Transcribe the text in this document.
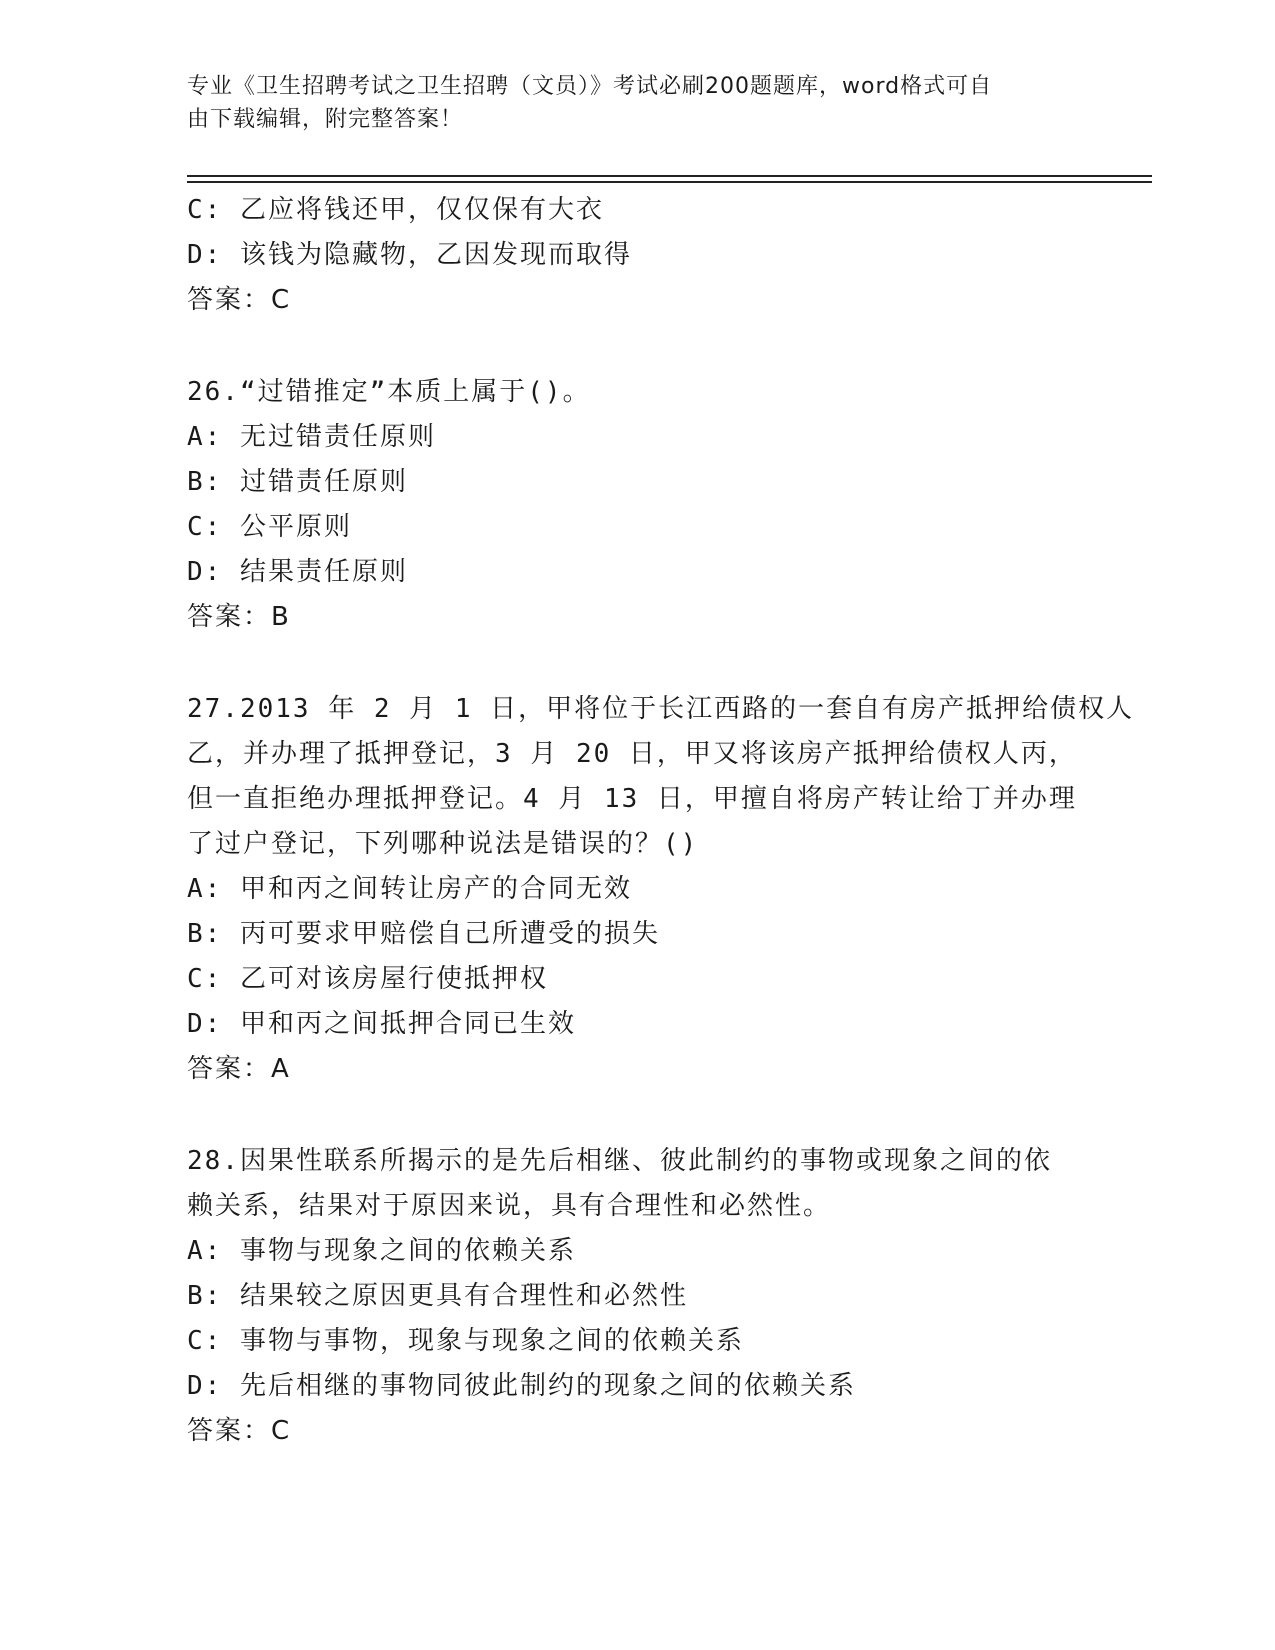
专业《卫生招聘考试之卫生招聘（文员）》考试必刷200题题库，word格式可自
由下载编辑，附完整答案！
C: 乙应将钱还甲，仅仅保有大衣
D: 该钱为隐藏物，乙因发现而取得
答案：C
26.“过错推定”本质上属于()。
A: 无过错责任原则
B: 过错责任原则
C: 公平原则
D: 结果责任原则
答案：B
27.2013 年 2 月 1 日，甲将位于长江西路的一套自有房产抵押给债权人
乙，并办理了抵押登记，3 月 20 日，甲又将该房产抵押给债权人丙，
但一直拒绝办理抵押登记。4 月 13 日，甲擅自将房产转让给丁并办理
了过户登记，下列哪种说法是错误的？()
A: 甲和丙之间转让房产的合同无效
B: 丙可要求甲赔偿自己所遭受的损失
C: 乙可对该房屋行使抵押权
D: 甲和丙之间抵押合同已生效
答案：A
28.因果性联系所揭示的是先后相继、彼此制约的事物或现象之间的依
赖关系，结果对于原因来说，具有合理性和必然性。
A: 事物与现象之间的依赖关系
B: 结果较之原因更具有合理性和必然性
C: 事物与事物，现象与现象之间的依赖关系
D: 先后相继的事物同彼此制约的现象之间的依赖关系
答案：C
